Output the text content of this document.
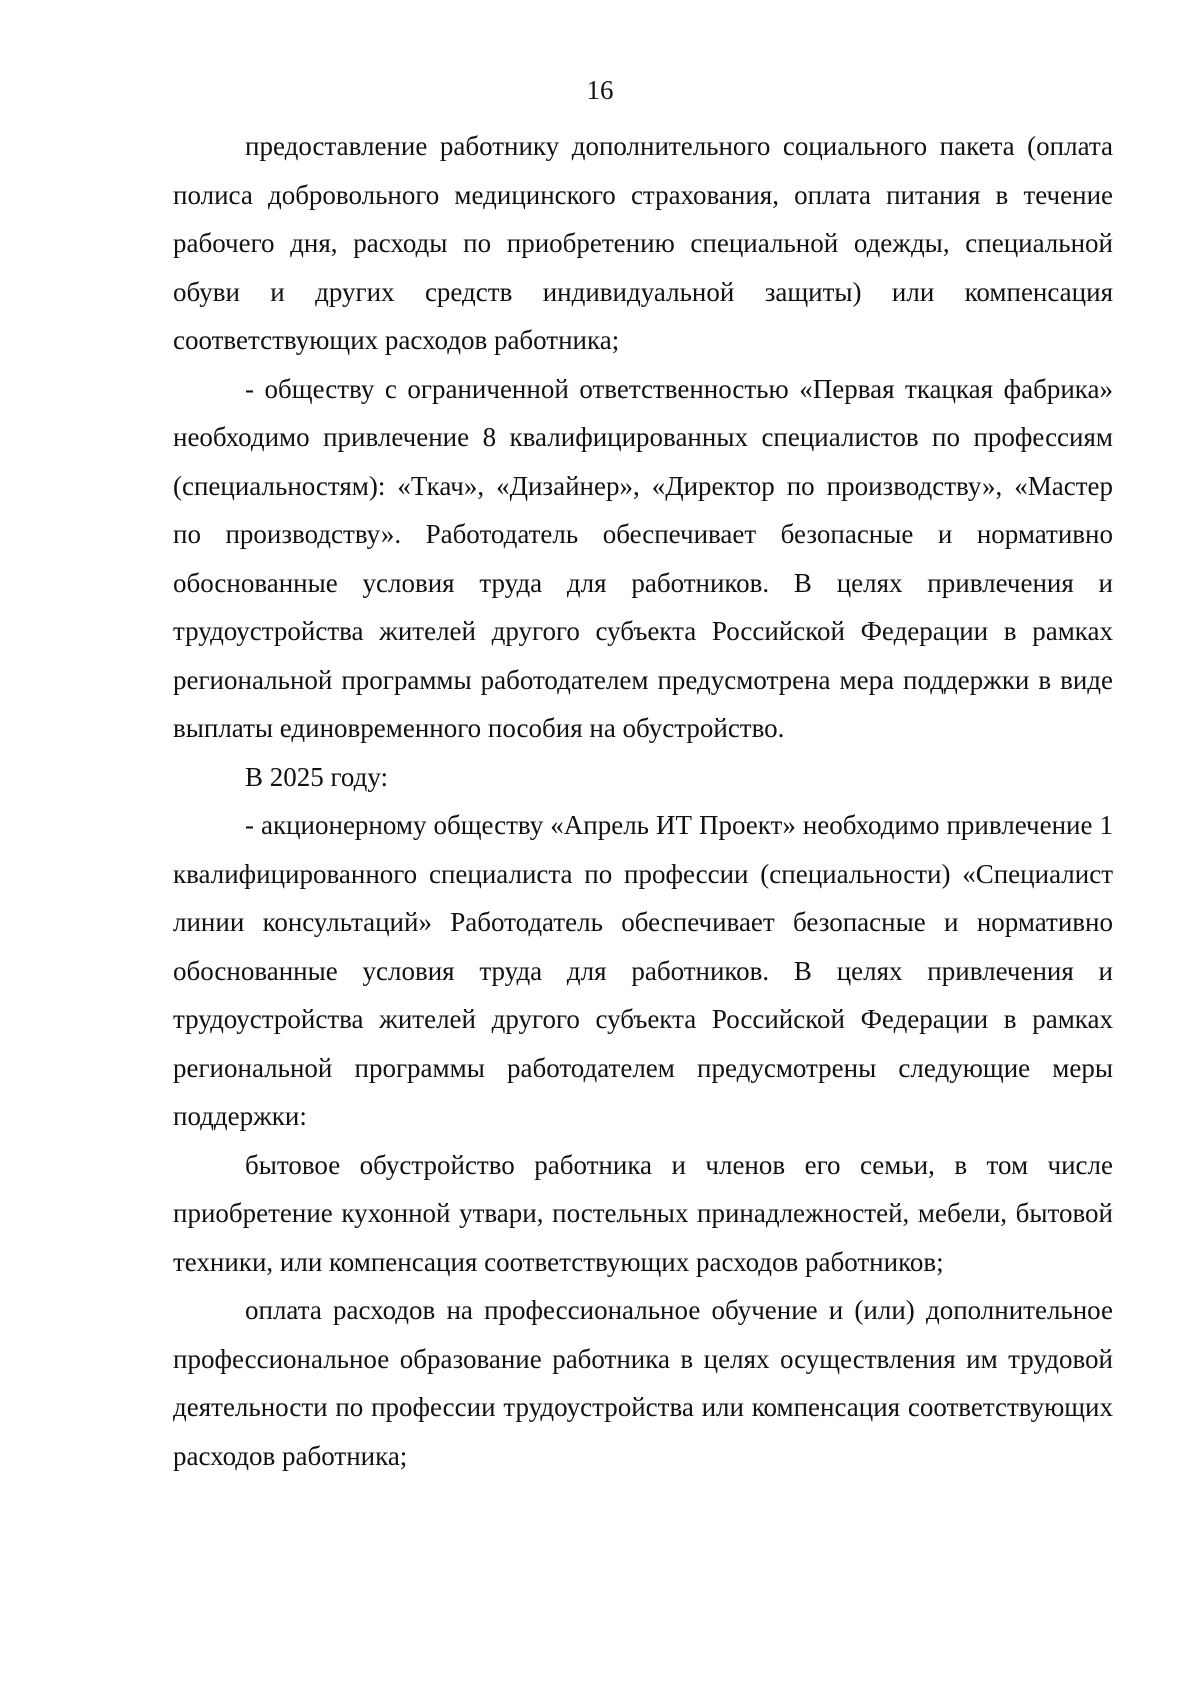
16

предоставление работнику дополнительного социального пакета (оплата полиса добровольного медицинского страхования, оплата питания в течение рабочего дня, расходы по приобретению специальной одежды, специальной обуви и других средств индивидуальной защиты) или компенсация соответствующих расходов работника;

- обществу с ограниченной ответственностью «Первая ткацкая фабрика» необходимо привлечение 8 квалифицированных специалистов по профессиям (специальностям): «Ткач», «Дизайнер», «Директор по производству», «Мастер по производству». Работодатель обеспечивает безопасные и нормативно обоснованные условия труда для работников. В целях привлечения и трудоустройства жителей другого субъекта Российской Федерации в рамках региональной программы работодателем предусмотрена мера поддержки в виде выплаты единовременного пособия на обустройство.

В 2025 году:

- акционерному обществу «Апрель ИТ Проект» необходимо привлечение 1 квалифицированного специалиста по профессии (специальности) «Специалист линии консультаций» Работодатель обеспечивает безопасные и нормативно обоснованные условия труда для работников. В целях привлечения и трудоустройства жителей другого субъекта Российской Федерации в рамках региональной программы работодателем предусмотрены следующие меры поддержки:

бытовое обустройство работника и членов его семьи, в том числе приобретение кухонной утвари, постельных принадлежностей, мебели, бытовой техники, или компенсация соответствующих расходов работников;

оплата расходов на профессиональное обучение и (или) дополнительное профессиональное образование работника в целях осуществления им трудовой деятельности по профессии трудоустройства или компенсация соответствующих расходов работника;
